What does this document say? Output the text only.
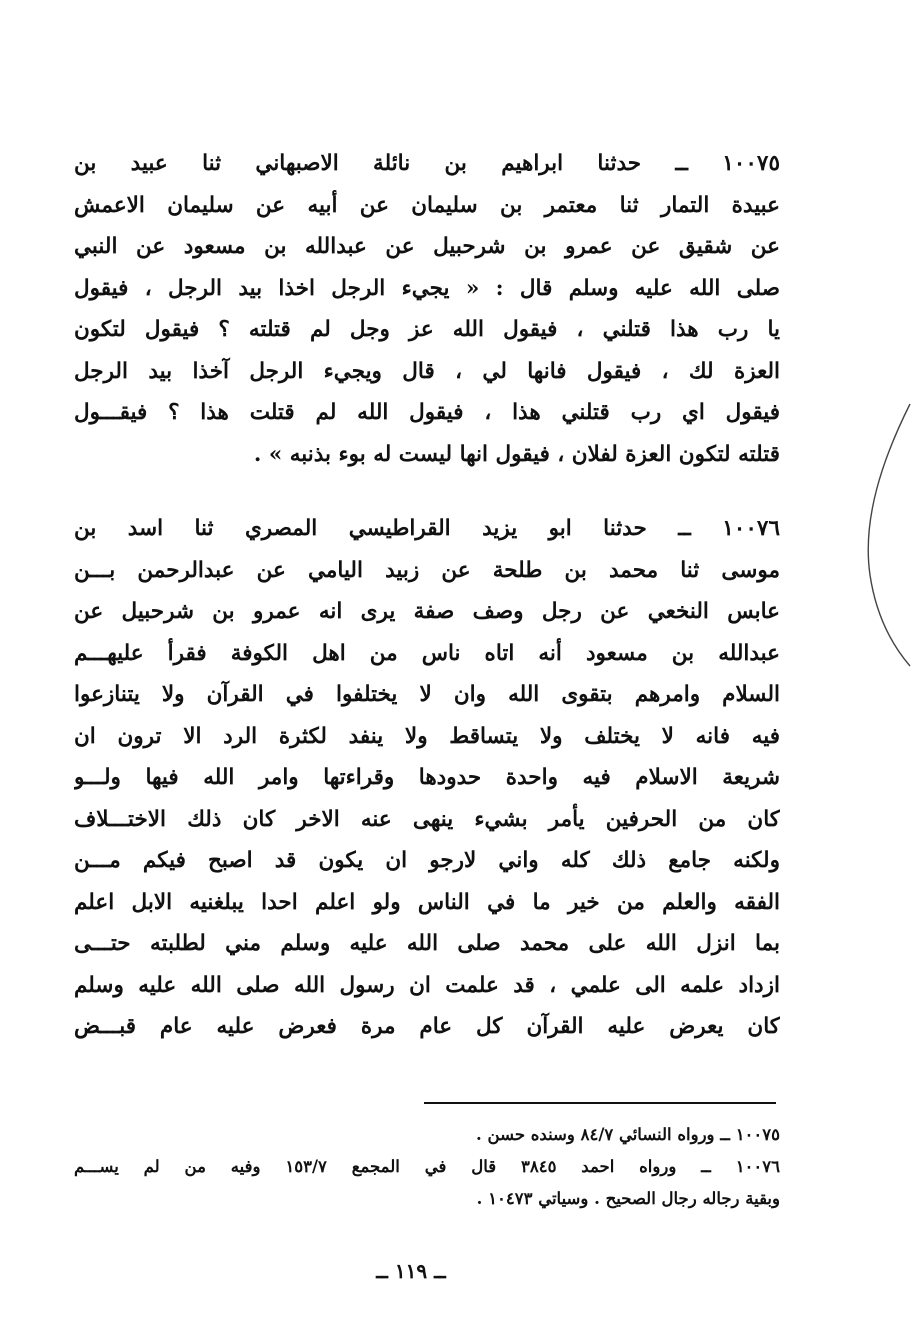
١٠٠٧٥ ــ حدثنا ابراهيم بن نائلة الاصبهاني ثنا عبيد بن
عبيدة التمار ثنا معتمر بن سليمان عن أبيه عن سليمان الاعمش
عن شقيق عن عمرو بن شرحبيل عن عبدالله بن مسعود عن النبي
صلى الله عليه وسلم قال : « يجيء الرجل اخذا بيد الرجل ، فيقول
يا رب هذا قتلني ، فيقول الله عز وجل لم قتلته ؟ فيقول لتكون
العزة لك ، فيقول فانها لي ، قال ويجيء الرجل آخذا بيد الرجل
فيقول اي رب قتلني هذا ، فيقول الله لم قتلت هذا ؟ فيقـــول
قتلته لتكون العزة لفلان ، فيقول انها ليست له بوء بذنبه » .
١٠٠٧٦ ــ حدثنا ابو يزيد القراطيسي المصري ثنا اسد بن
موسى ثنا محمد بن طلحة عن زبيد اليامي عن عبدالرحمن بـــن
عابس النخعي عن رجل وصف صفة يرى انه عمرو بن شرحبيل عن
عبدالله بن مسعود أنه اتاه ناس من اهل الكوفة فقرأ عليهـــم
السلام وامرهم بتقوى الله وان لا يختلفوا في القرآن ولا يتنازعوا
فيه فانه لا يختلف ولا يتساقط ولا ينفد لكثرة الرد الا ترون ان
شريعة الاسلام فيه واحدة حدودها وقراءتها وامر الله فيها ولـــو
كان من الحرفين يأمر بشيء ينهى عنه الاخر كان ذلك الاختـــلاف
ولكنه جامع ذلك كله واني لارجو ان يكون قد اصبح فيكم مـــن
الفقه والعلم من خير ما في الناس ولو اعلم احدا يبلغنيه الابل اعلم
بما انزل الله على محمد صلى الله عليه وسلم مني لطلبته حتـــى
ازداد علمه الى علمي ، قد علمت ان رسول الله صلى الله عليه وسلم
كان يعرض عليه القرآن كل عام مرة فعرض عليه عام قبـــض
١٠٠٧٥ ــ ورواه النسائي ٨٤/٧ وسنده حسن .
١٠٠٧٦ ــ ورواه احمد ٣٨٤٥ قال في المجمع ١٥٣/٧ وفيه من لم يســـم
وبقية رجاله رجال الصحيح . وسياتي ١٠٤٧٣ .
ــ ١١٩ ــ
